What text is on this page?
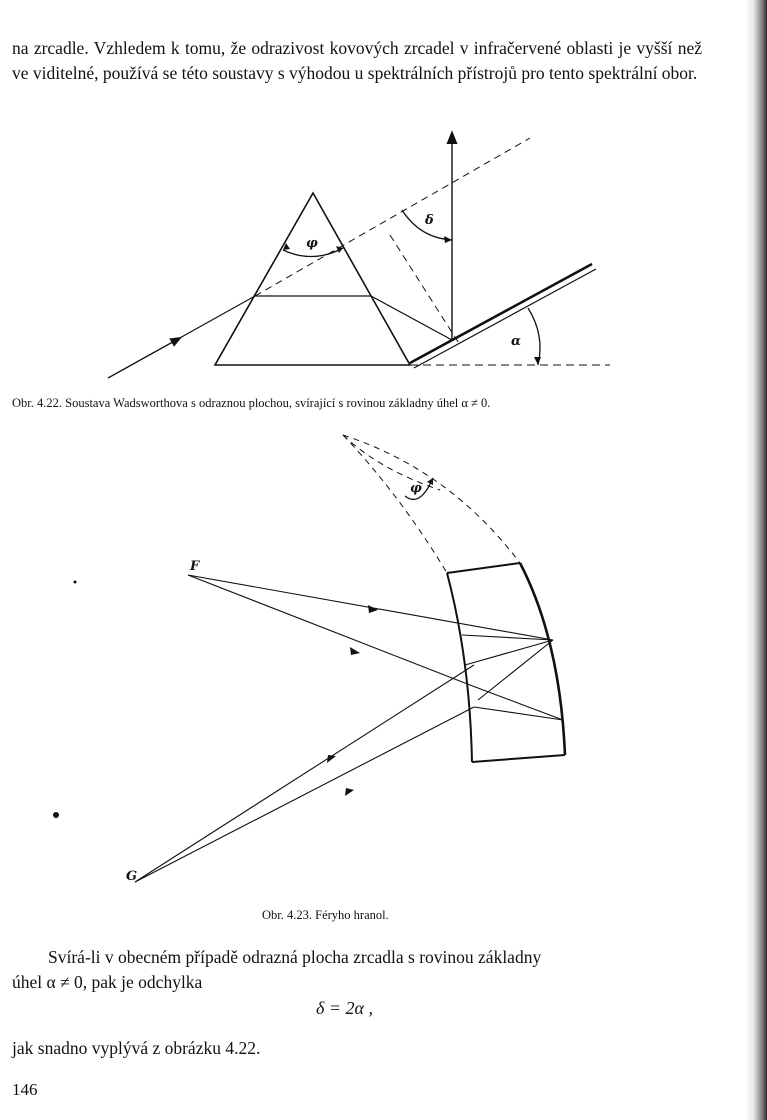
na zrcadle. Vzhledem k tomu, že odrazivost kovových zrcadel v infračervené oblasti je vyšší než ve viditelné, používá se této soustavy s výhodou u spektrálních přístrojů pro tento spektrální obor.

φ
δ
α

Obr. 4.22. Soustava Wadsworthova s odraznou plochou, svírající s rovinou základny úhel α ≠ 0.

φ
F
G

Obr. 4.23. Féryho hranol.

Svírá-li v obecném případě odrazná plocha zrcadla s rovinou základny
úhel α ≠ 0, pak je odchylka

δ = 2α ,

jak snadno vyplývá z obrázku 4.22.

146
